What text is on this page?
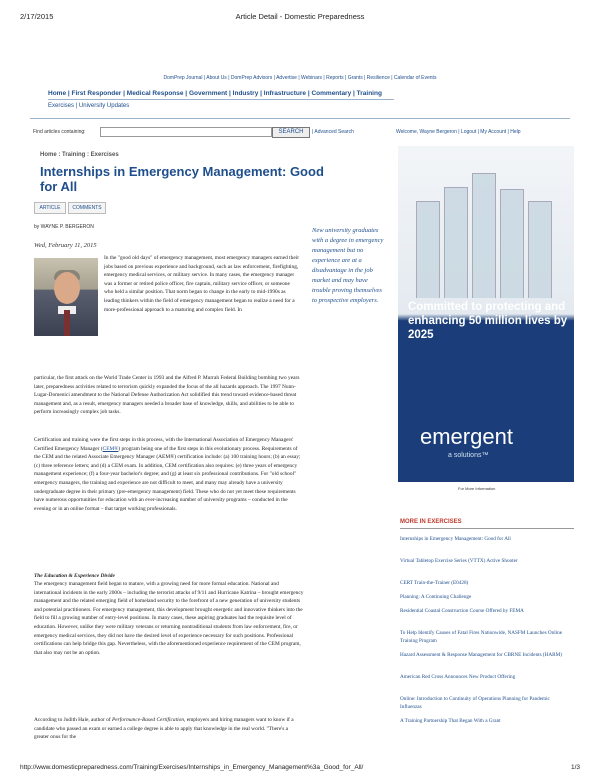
2/17/2015	Article Detail - Domestic Preparedness
DomPrep Journal | About Us | DomPrep Advisors | Advertise | Webinars | Reports | Grants | Resilience | Calendar of Events
Home | First Responder | Medical Response | Government | Industry | Infrastructure | Commentary | Training
Exercises | University Updates
Find articles containing:	SEARCH	| Advanced Search	Welcome, Wayne Bergeron | Logout | My Account | Help
Home : Training : Exercises
Internships in Emergency Management: Good for All
ARTICLE	COMMENTS
by WAYNE P. BERGERON
Wed, February 11, 2015
In the "good old days" of emergency management, most emergency managers earned their jobs based on previous experience and background, such as law enforcement, firefighting, emergency medical services, or military service. In many cases, the emergency manager was a former or retired police officer, fire captain, military service officer, or someone who held a similar position. That norm began to change in the early to mid-1990s as leading thinkers within the field of emergency management began to realize a need for a more-professional approach to a maturing and complex field. In
particular, the first attack on the World Trade Center in 1993 and the Alfred P. Murrah Federal Building bombing two years later, preparedness activities related to terrorism quickly expanded the focus of the all hazards approach. The 1997 Nunn-Lugar-Domenici amendment to the National Defense Authorization Act solidified this trend toward evidence-based threat management and, as a result, emergency managers needed a broader base of knowledge, skills, and abilities to be able to perform increasingly complex job tasks.
Certification and training were the first steps in this process, with the International Association of Emergency Managers' Certified Emergency Manager (CEM®) program being one of the first steps in this evolutionary process. Requirements of the CEM and the related Associate Emergency Manager (AEM®) certification include: (a) 100 training hours; (b) an essay; (c) three reference letters; and (d) a CEM exam. In addition, CEM certification also requires: (e) three years of emergency management experience; (f) a four-year bachelor's degree; and (g) at least six professional contributions. For "old school" emergency managers, the training and experience are not difficult to meet, and many may already have a university undergraduate degree in their primary (pre-emergency management) field. These who do not yet meet these requirements have numerous opportunities for education with an ever-increasing number of university programs – conducted in the evening or in an online format – that target working professionals.
The Education & Experience Divide
The emergency management field began to mature, with a growing need for more formal education. National and international incidents in the early 2000s – including the terrorist attacks of 9/11 and Hurricane Katrina – brought emergency management and the related emerging field of homeland security to the forefront of a new generation of university students and potential practitioners. For emergency management, this development brought energetic and innovative thinkers into the field to fill a growing number of entry-level positions. In many cases, these aspiring graduates had the requisite level of education. However, unlike they were military veterans or returning nontraditional students from law enforcement, fire, or emergency medical services, they did not have the desired level of experience necessary for such positions. Professional certifications can help bridge this gap. Nevertheless, with the aforementioned experience requirement of the CEM program, that also may not be an option.
According to Judith Hale, author of Performance-Based Certification, employers and hiring managers want to know if a candidate who passed an exam or earned a college degree is able to apply that knowledge in the real world. "There's a greater onus for the
New university graduates with a degree in emergency management but no experience are at a disadvantage in the job market and may have trouble proving themselves to prospective employers.
Committed to protecting and enhancing 50 million lives by 2025
emergent
a solutions™
For More Information
MORE IN EXERCISES
Internships in Emergency Management: Good for All
Virtual Tabletop Exercise Series (VTTX) Active Shooter
CERT Train-the-Trainer (E0428)
Planning: A Continuing Challenge
Residential Coastal Construction Course Offered by FEMA
To Help Identify Causes of Fatal Fires Nationwide, NASFM Launches Online Training Program
Hazard Assessment & Response Management for CBRNE Incidents (HARM)
American Red Cross Announces New Product Offering
Online: Introduction to Continuity of Operations Planning for Pandemic Influenzas
A Training Partnership That Began With a Grant
http://www.domesticpreparedness.com/Training/Exercises/Internships_in_Emergency_Management%3a_Good_for_All/	1/3
